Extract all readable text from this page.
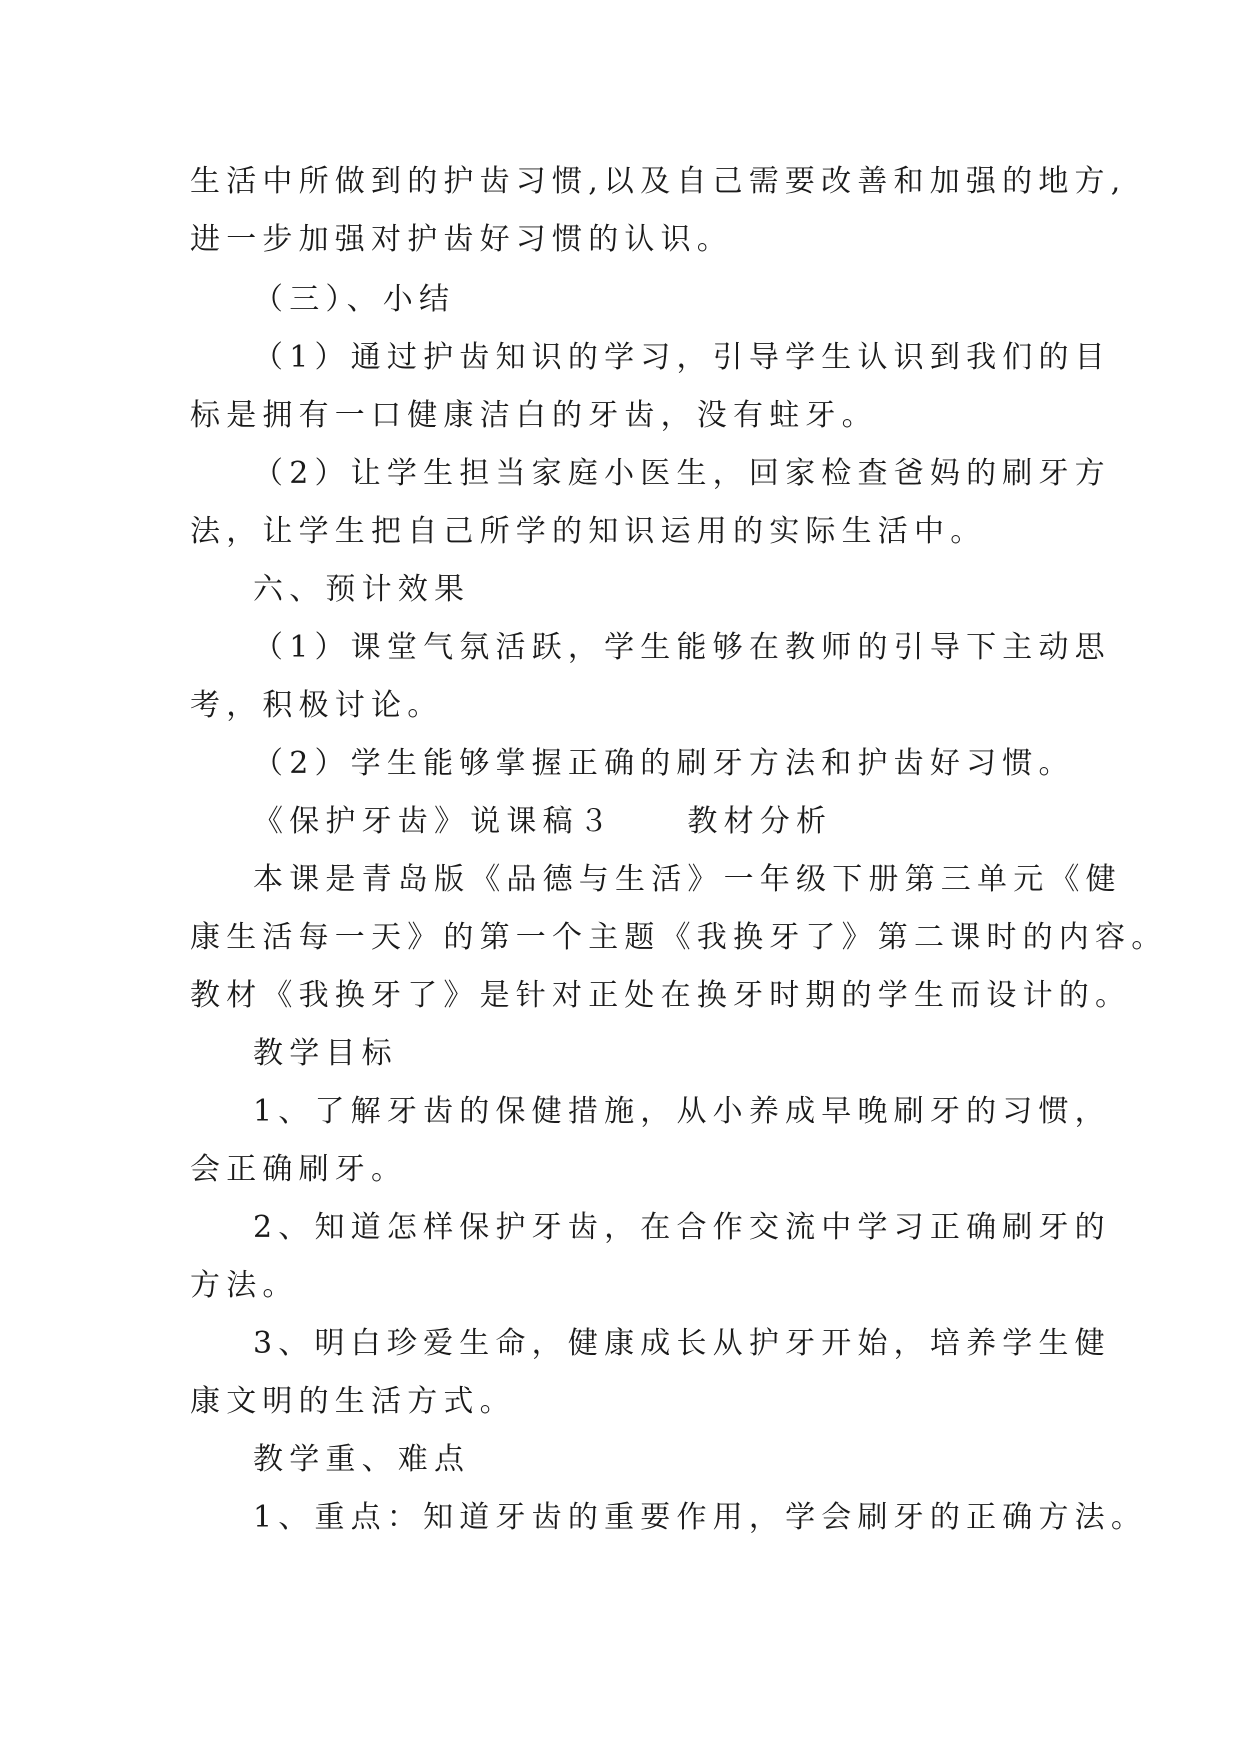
生活中所做到的护齿习惯,以及自己需要改善和加强的地方,
进一步加强对护齿好习惯的认识。
（三）、小结
（1）通过护齿知识的学习，引导学生认识到我们的目
标是拥有一口健康洁白的牙齿，没有蛀牙。
（2）让学生担当家庭小医生，回家检查爸妈的刷牙方
法，让学生把自己所学的知识运用的实际生活中。
六、预计效果
（1）课堂气氛活跃，学生能够在教师的引导下主动思
考，积极讨论。
（2）学生能够掌握正确的刷牙方法和护齿好习惯。
《保护牙齿》说课稿３　　教材分析
本课是青岛版《品德与生活》一年级下册第三单元《健
康生活每一天》的第一个主题《我换牙了》第二课时的内容。
教材《我换牙了》是针对正处在换牙时期的学生而设计的。
教学目标
1、了解牙齿的保健措施，从小养成早晚刷牙的习惯，
会正确刷牙。
2、知道怎样保护牙齿，在合作交流中学习正确刷牙的
方法。
3、明白珍爱生命，健康成长从护牙开始，培养学生健
康文明的生活方式。
教学重、难点
1、重点：知道牙齿的重要作用，学会刷牙的正确方法。
